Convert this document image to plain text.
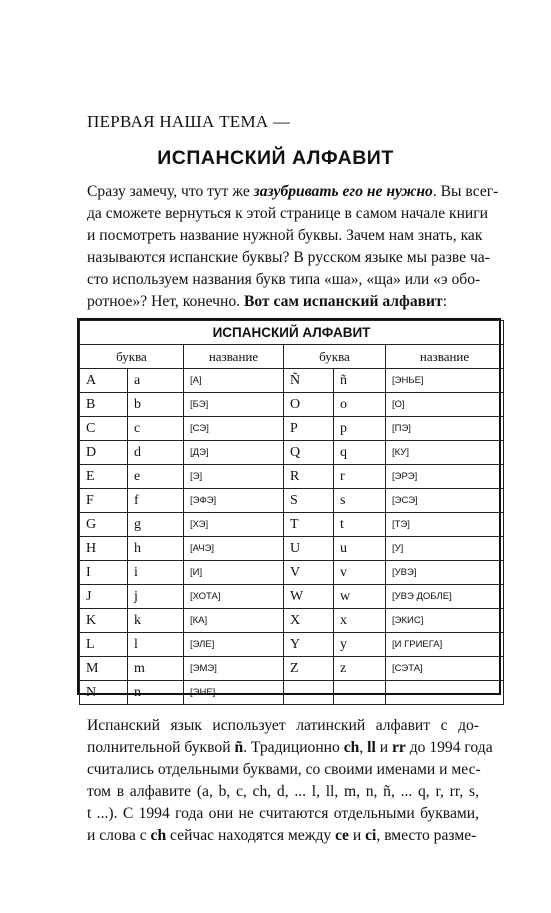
ПЕРВАЯ НАША ТЕМА —
ИСПАНСКИЙ АЛФАВИТ
Сразу замечу, что тут же зазубривать его не нужно. Вы всег-
да сможете вернуться к этой странице в самом начале книги
и посмотреть название нужной буквы. Зачем нам знать, как
называются испанские буквы? В русском языке мы разве ча-
сто используем названия букв типа «ша», «ща» или «э обо-
ротное»? Нет, конечно. Вот сам испанский алфавит:
ИСПАНСКИЙ АЛФАВИТ					
буква		название	буква		название
A	a	[А]	Ñ	ñ	[ЭНЬЕ]
B	b	[БЭ]	O	o	[О]
C	c	[СЭ]	P	p	[ПЭ]
D	d	[ДЭ]	Q	q	[КУ]
E	e	[Э]	R	r	[ЭРЭ]
F	f	[ЭФЭ]	S	s	[ЭСЭ]
G	g	[ХЭ]	T	t	[ТЭ]
H	h	[АЧЭ]	U	u	[У]
I	i	[И]	V	v	[УВЭ]
J	j	[ХОТА]	W	w	[УВЭ ДОБЛЕ]
K	k	[КА]	X	x	[ЭКИС]
L	l	[ЭЛЕ]	Y	y	[И ГРИЕГА]
M	m	[ЭМЭ]	Z	z	[СЭТА]
N	n	[ЭНЕ]			
Испанский язык использует латинский алфавит с до-
полнительной буквой ñ. Традиционно ch, ll и rr до 1994 года
считались отдельными буквами, со своими именами и мес-
том в алфавите (a, b, c, ch, d, ... l, ll, m, n, ñ, ... q, r, rr, s,
t ...). С 1994 года они не считаются отдельными буквами,
и слова с ch сейчас находятся между ce и ci, вместо разме-
